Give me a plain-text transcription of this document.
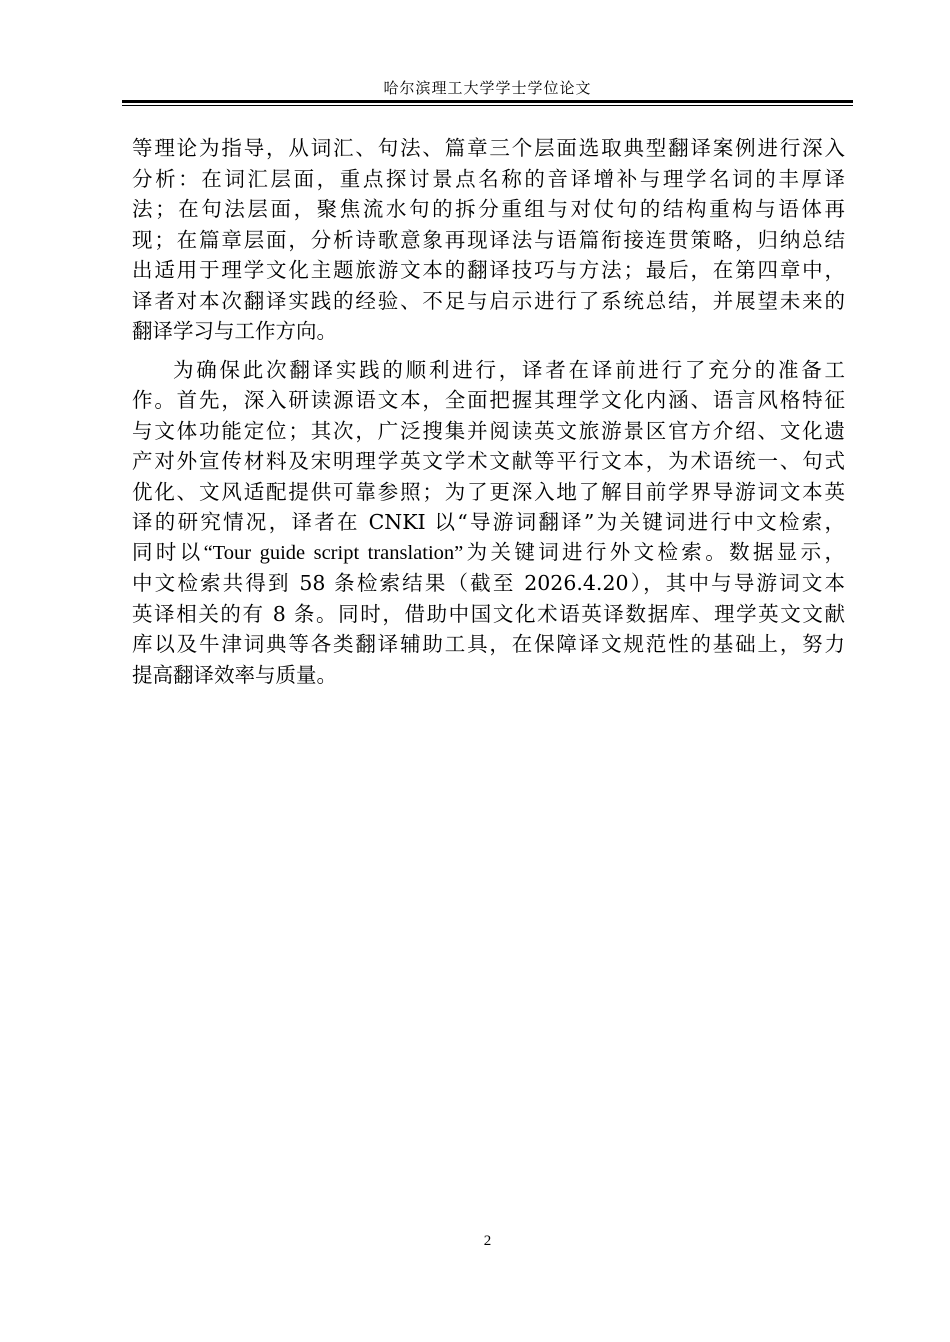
哈尔滨理工大学学士学位论文

等理论为指导，从词汇、句法、篇章三个层面选取典型翻译案例进行深入
分析：在词汇层面，重点探讨景点名称的音译增补与理学名词的丰厚译
法；在句法层面，聚焦流水句的拆分重组与对仗句的结构重构与语体再
现；在篇章层面，分析诗歌意象再现译法与语篇衔接连贯策略，归纳总结
出适用于理学文化主题旅游文本的翻译技巧与方法；最后，在第四章中，
译者对本次翻译实践的经验、不足与启示进行了系统总结，并展望未来的
翻译学习与工作方向。

为确保此次翻译实践的顺利进行，译者在译前进行了充分的准备工
作。首先，深入研读源语文本，全面把握其理学文化内涵、语言风格特征
与文体功能定位；其次，广泛搜集并阅读英文旅游景区官方介绍、文化遗
产对外宣传材料及宋明理学英文学术文献等平行文本，为术语统一、句式
优化、文风适配提供可靠参照；为了更深入地了解目前学界导游词文本英
译的研究情况，译者在 CNKI 以“导游词翻译”为关键词进行中文检索，
同时以“Tour guide script translation”为关键词进行外文检索。数据显示，
中文检索共得到 58 条检索结果（截至 2026.4.20），其中与导游词文本
英译相关的有 8 条。同时，借助中国文化术语英译数据库、理学英文文献
库以及牛津词典等各类翻译辅助工具，在保障译文规范性的基础上，努力
提高翻译效率与质量。

2
